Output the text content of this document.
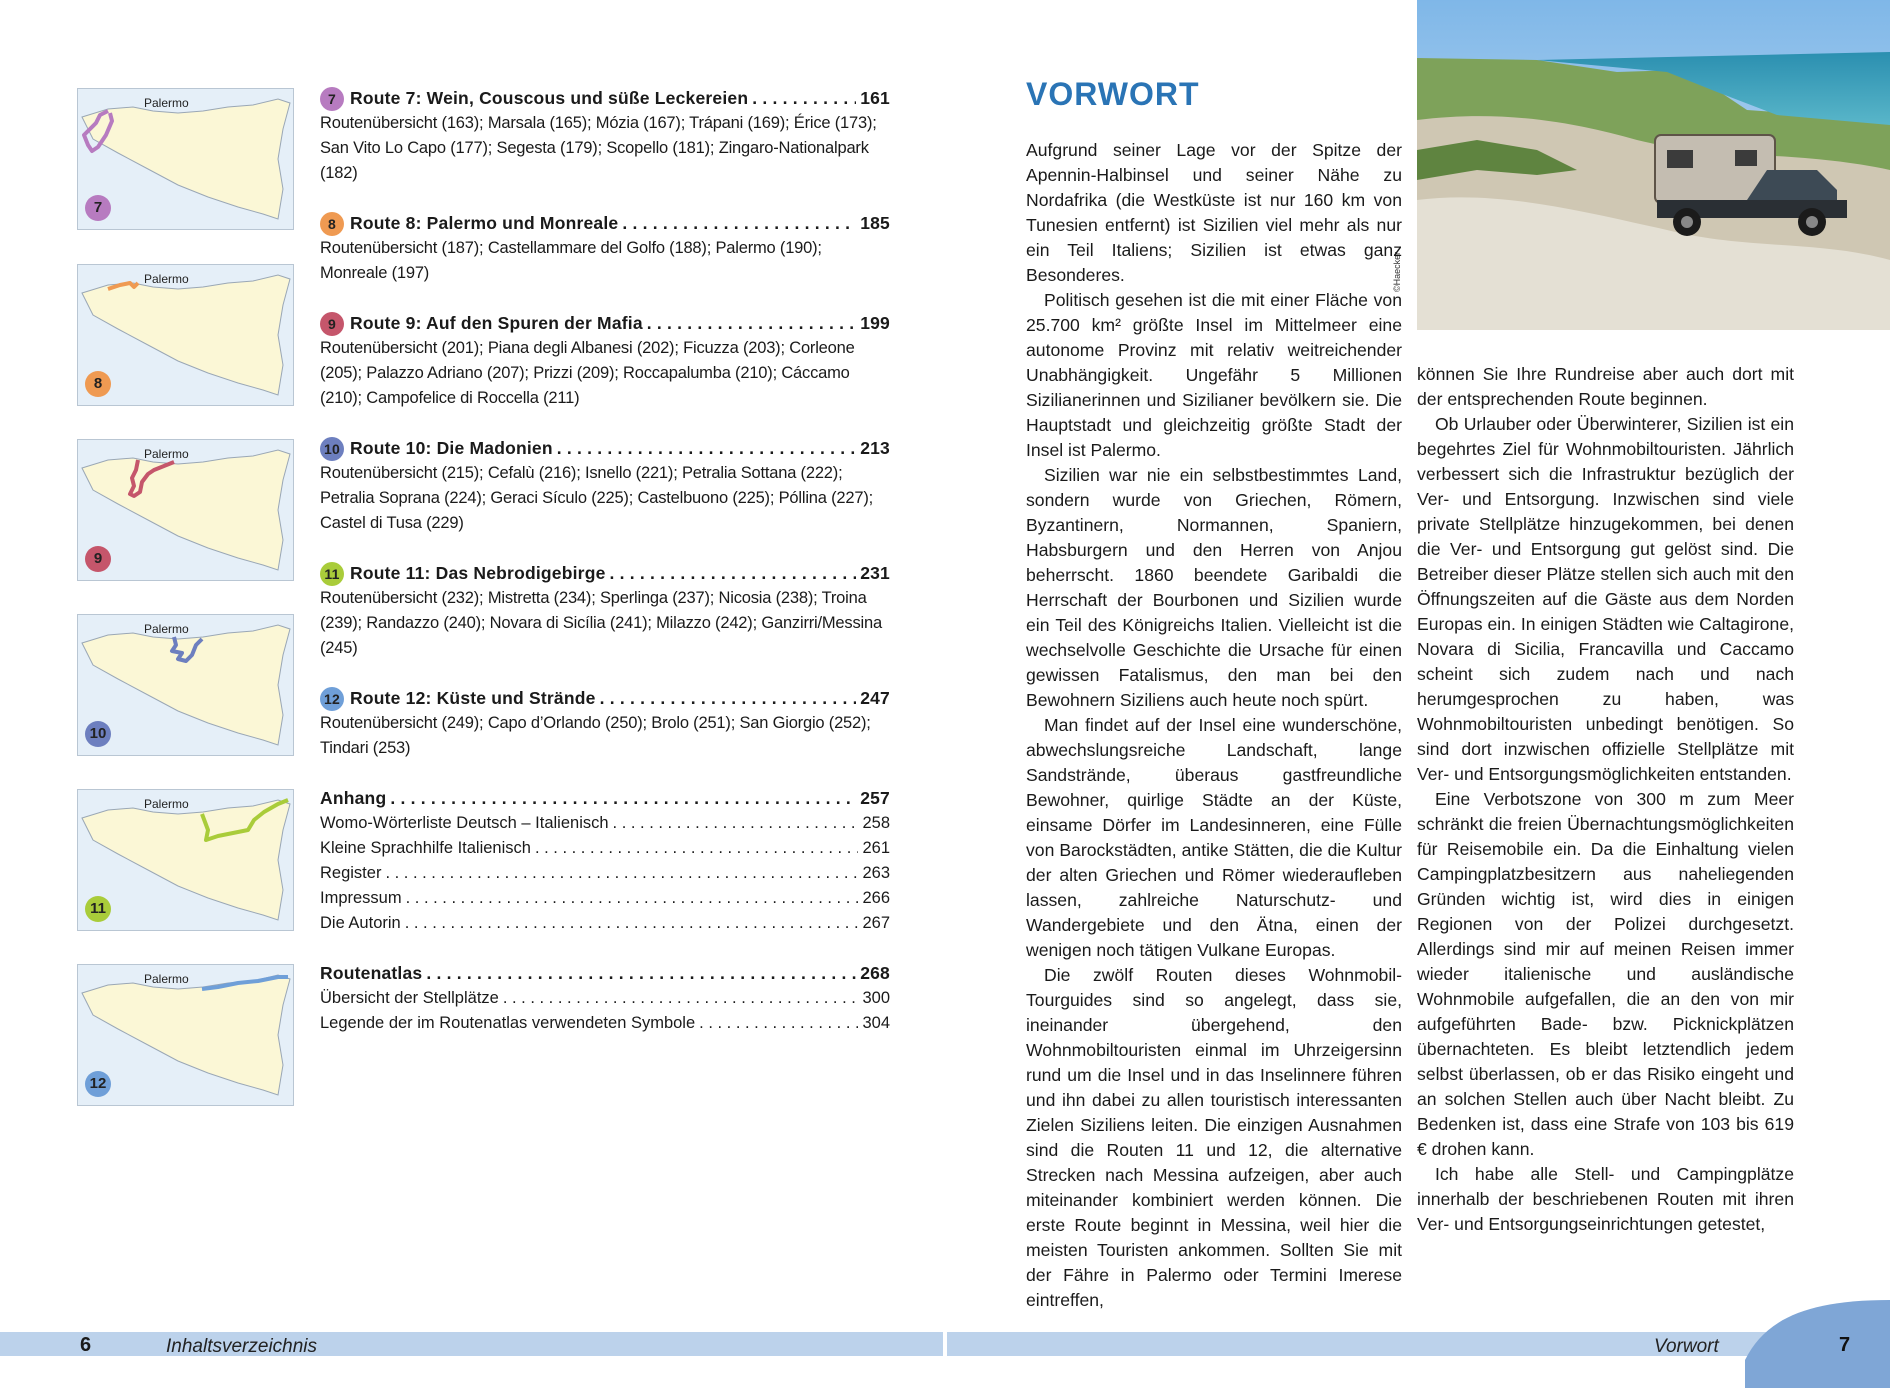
Palermo
7
Palermo
8
Palermo
9
Palermo
10
Palermo
11
Palermo
12
7 Route 7: Wein, Couscous und süße Leckereien . . .	161
Routenübersicht (163); Marsala (165); Mózia (167); Trápani (169); Érice (173); San Vito Lo Capo (177); Segesta (179); Scopello (181); Zingaro-Nationalpark (182)
8 Route 8: Palermo und Monreale . . .	185
Routenübersicht (187); Castellammare del Golfo (188); Palermo (190); Monreale (197)
9 Route 9: Auf den Spuren der Mafia . . .	199
Routenübersicht (201); Piana degli Albanesi (202); Ficuzza (203); Corleone (205); Palazzo Adriano (207); Prizzi (209); Roccapalumba (210); Cáccamo (210); Campofelice di Roccella (211)
10 Route 10: Die Madonien . . .	213
Routenübersicht (215); Cefalù (216); Isnello (221); Petralia Sottana (222); Petralia Soprana (224); Geraci Sículo (225); Castelbuono (225); Póllina (227); Castel di Tusa (229)
11 Route 11: Das Nebrodigebirge . . .	231
Routenübersicht (232); Mistretta (234); Sperlinga (237); Nicosia (238); Troina (239); Randazzo (240); Novara di Sicília (241); Milazzo (242); Ganzirri/Messina (245)
12 Route 12: Küste und Strände . . .	247
Routenübersicht (249); Capo d’Orlando (250); Brolo (251); San Giorgio (252); Tindari (253)
Anhang . . .	257
Womo-Wörterliste Deutsch – Italienisch . . .	258
Kleine Sprachhilfe Italienisch . . .	261
Register . . .	263
Impressum . . .	266
Die Autorin . . .	267
Routenatlas . . .	268
Übersicht der Stellplätze . . .	300
Legende der im Routenatlas verwendeten Symbole . . .	304
6	Inhaltsverzeichnis
©Haecker
VORWORT

Aufgrund seiner Lage vor der Spitze der Apennin-Halbinsel und seiner Nähe zu Nordafrika (die Westküste ist nur 160 km von Tunesien entfernt) ist Sizilien viel mehr als nur ein Teil Italiens; Sizilien ist etwas ganz Besonderes.

Politisch gesehen ist die mit einer Fläche von 25.700 km² größte Insel im Mittelmeer eine autonome Provinz mit relativ weitreichender Unabhängigkeit. Ungefähr 5 Millionen Sizilianerinnen und Sizilianer bevölkern sie. Die Hauptstadt und gleichzeitig größte Stadt der Insel ist Palermo.

Sizilien war nie ein selbstbestimmtes Land, sondern wurde von Griechen, Römern, Byzantinern, Normannen, Spaniern, Habsburgern und den Herren von Anjou beherrscht. 1860 beendete Garibaldi die Herrschaft der Bourbonen und Sizilien wurde ein Teil des Königreichs Italien. Vielleicht ist die wechselvolle Geschichte die Ursache für einen gewissen Fatalismus, den man bei den Bewohnern Siziliens auch heute noch spürt.

Man findet auf der Insel eine wunderschöne, abwechslungsreiche Landschaft, lange Sandstrände, überaus gastfreundliche Bewohner, quirlige Städte an der Küste, einsame Dörfer im Landesinneren, eine Fülle von Barockstädten, antike Stätten, die die Kultur der alten Griechen und Römer wiederaufleben lassen, zahlreiche Naturschutz- und Wandergebiete und den Ätna, einen der wenigen noch tätigen Vulkane Europas.

Die zwölf Routen dieses Wohnmobil-Tourguides sind so angelegt, dass sie, ineinander übergehend, den Wohnmobiltouristen einmal im Uhrzeigersinn rund um die Insel und in das Inselinnere führen und ihn dabei zu allen touristisch interessanten Zielen Siziliens leiten. Die einzigen Ausnahmen sind die Routen 11 und 12, die alternative Strecken nach Messina aufzeigen, aber auch miteinander kombiniert werden können. Die erste Route beginnt in Messina, weil hier die meisten Touristen ankommen. Sollten Sie mit der Fähre in Palermo oder Termini Imerese eintreffen,

können Sie Ihre Rundreise aber auch dort mit der entsprechenden Route beginnen.

Ob Urlauber oder Überwinterer, Sizilien ist ein begehrtes Ziel für Wohnmobiltouristen. Jährlich verbessert sich die Infrastruktur bezüglich der Ver- und Entsorgung. Inzwischen sind viele private Stellplätze hinzugekommen, bei denen die Ver- und Entsorgung gut gelöst sind. Die Betreiber dieser Plätze stellen sich auch mit den Öffnungszeiten auf die Gäste aus dem Norden Europas ein. In einigen Städten wie Caltagirone, Novara di Sicilia, Francavilla und Caccamo scheint sich zudem nach und nach herumgesprochen zu haben, was Wohnmobiltouristen unbedingt benötigen. So sind dort inzwischen offizielle Stellplätze mit Ver- und Entsorgungsmöglichkeiten entstanden.

Eine Verbotszone von 300 m zum Meer schränkt die freien Übernachtungsmöglichkeiten für Reisemobile ein. Da die Einhaltung vielen Campingplatzbesitzern aus naheliegenden Gründen wichtig ist, wird dies in einigen Regionen von der Polizei durchgesetzt. Allerdings sind mir auf meinen Reisen immer wieder italienische und ausländische Wohnmobile aufgefallen, die an den von mir aufgeführten Bade- bzw. Picknickplätzen übernachteten. Es bleibt letztendlich jedem selbst überlassen, ob er das Risiko eingeht und an solchen Stellen auch über Nacht bleibt. Zu Bedenken ist, dass eine Strafe von 103 bis 619 € drohen kann.

Ich habe alle Stell- und Campingplätze innerhalb der beschriebenen Routen mit ihren Ver- und Entsorgungseinrichtungen getestet,

Vorwort	7
